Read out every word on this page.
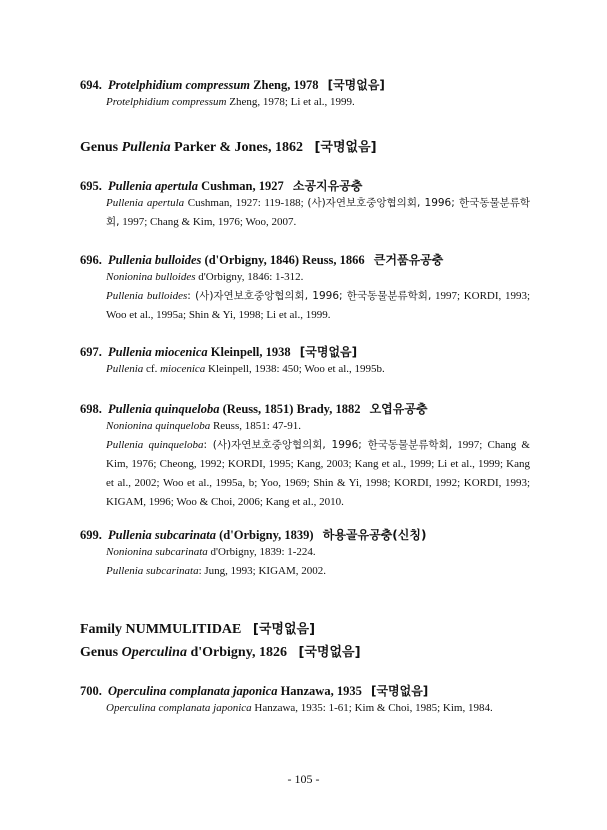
694. Protelphidium compressum Zheng, 1978 [국명없음]
Protelphidium compressum Zheng, 1978; Li et al., 1999.
Genus Pullenia Parker & Jones, 1862 [국명없음]
695. Pullenia apertula Cushman, 1927 소공지유공충
Pullenia apertula Cushman, 1927: 119-188; (사)자연보호중앙협의회, 1996; 한국동물분류학회, 1997; Chang & Kim, 1976; Woo, 2007.
696. Pullenia bulloides (d'Orbigny, 1846) Reuss, 1866 큰거품유공충
Nonionina bulloides d'Orbigny, 1846: 1-312.
Pullenia bulloides: (사)자연보호중앙협의회, 1996; 한국동물분류학회, 1997; KORDI, 1993; Woo et al., 1995a; Shin & Yi, 1998; Li et al., 1999.
697. Pullenia miocenica Kleinpell, 1938 [국명없음]
Pullenia cf. miocenica Kleinpell, 1938: 450; Woo et al., 1995b.
698. Pullenia quinqueloba (Reuss, 1851) Brady, 1882 오엽유공충
Nonionina quinqueloba Reuss, 1851: 47-91.
Pullenia quinqueloba: (사)자연보호중앙협의회, 1996; 한국동물분류학회, 1997; Chang & Kim, 1976; Cheong, 1992; KORDI, 1995; Kang, 2003; Kang et al., 1999; Li et al., 1999; Kang et al., 2002; Woo et al., 1995a, b; Yoo, 1969; Shin & Yi, 1998; KORDI, 1992; KORDI, 1993; KIGAM, 1996; Woo & Choi, 2006; Kang et al., 2010.
699. Pullenia subcarinata (d'Orbigny, 1839) 하용골유공충(신칭)
Nonionina subcarinata d'Orbigny, 1839: 1-224.
Pullenia subcarinata: Jung, 1993; KIGAM, 2002.
Family NUMMULITIDAE [국명없음]
Genus Operculina d'Orbigny, 1826 [국명없음]
700. Operculina complanata japonica Hanzawa, 1935 [국명없음]
Operculina complanata japonica Hanzawa, 1935: 1-61; Kim & Choi, 1985; Kim, 1984.
- 105 -
